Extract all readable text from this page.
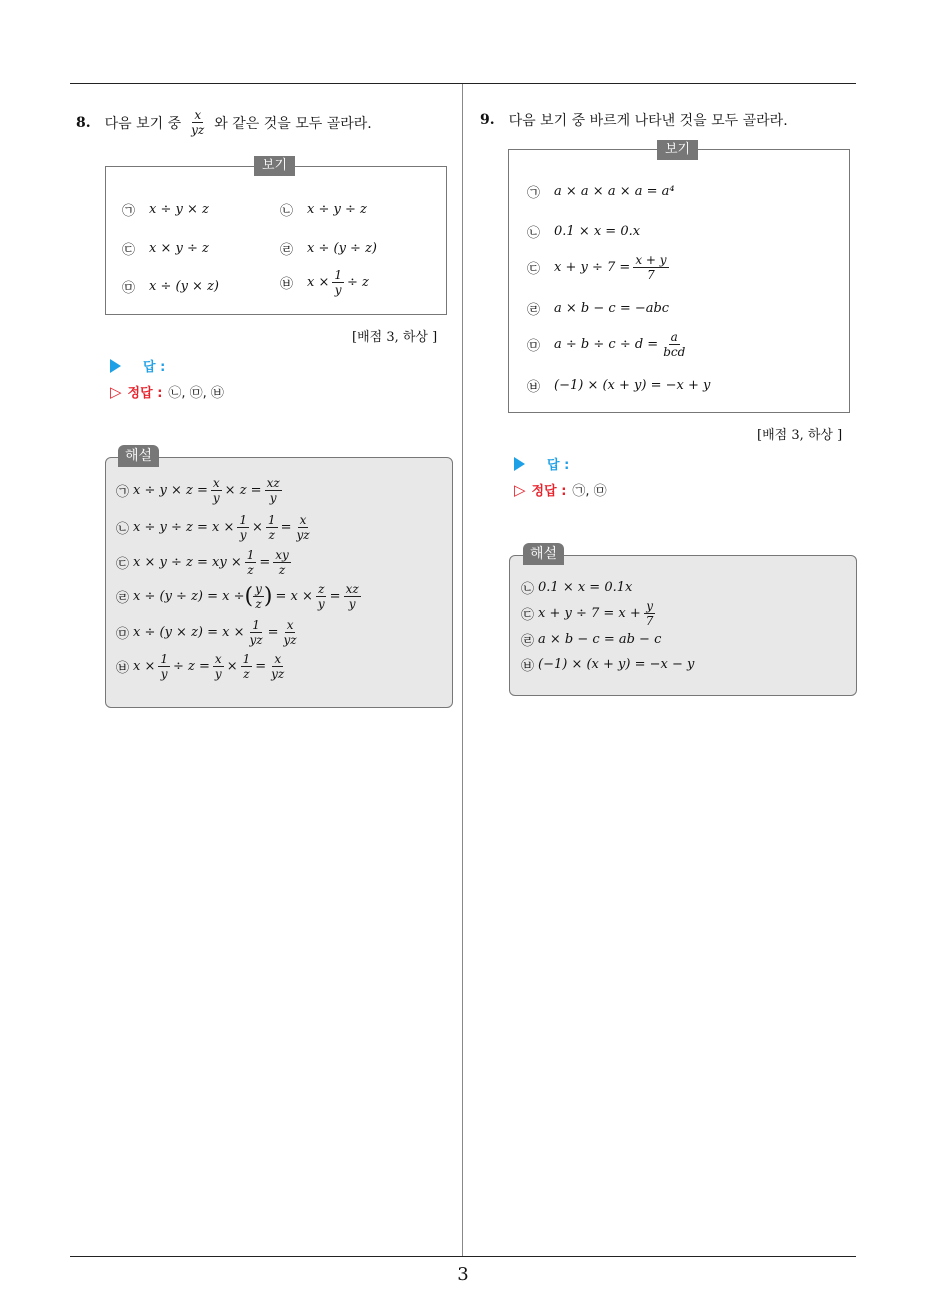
3
8. 다음 보기 중 $\frac{x}{yz}$ 와 같은 것을 모두 골라라.
보기
㉠ x ÷ y × z	㉡ x ÷ y ÷ z
㉢ x × y ÷ z	㉣ x ÷ (y ÷ z)
㉤ x ÷ (y × z)	㉥ $x \times \frac{1}{y} \div z$
[배점 3, 하상 ]
답 :
▷ 정답 : ㉡, ㉤, ㉥
해설
㉠ $x \div y \times z = \frac{x}{y} \times z = \frac{xz}{y}$
㉡ $x \div y \div z = x \times \frac{1}{y} \times \frac{1}{z} = \frac{x}{yz}$
㉢ x × y ÷ z = xy × $\frac{1}{z} = \frac{xy}{z}$
㉣ x ÷ (y ÷ z) = x ÷ ( $\frac{y}{z}$ ) = $x \times \frac{z}{y} = \frac{xz}{y}$
㉤ $x \div (y \times z) = x \times \frac{1}{yz} = \frac{x}{yz}$
㉥ $x \times \frac{1}{y} \div z = \frac{x}{y} \times \frac{1}{z} = \frac{x}{yz}$
9. 다음 보기 중 바르게 나타낸 것을 모두 골라라.
보기
㉠ a × a × a × a = a⁴
㉡ 0.1 × x = 0.x
㉢ $x + y \div 7 = \frac{x + y}{7}$
㉣ a × b − c = −abc
㉤ $a \div b \div c \div d = \frac{a}{\text{bcd}}$
㉥ (−1) × (x + y) = −x + y
[배점 3, 하상 ]
답 :
▷ 정답 : ㉠, ㉤
해설
㉡ 0.1 × x = 0.1x
㉢ $x + y \div 7 = x + \frac{y}{7}$
㉣ a × b − c = ab − c
㉥ (−1) × (x + y) = −x − y
